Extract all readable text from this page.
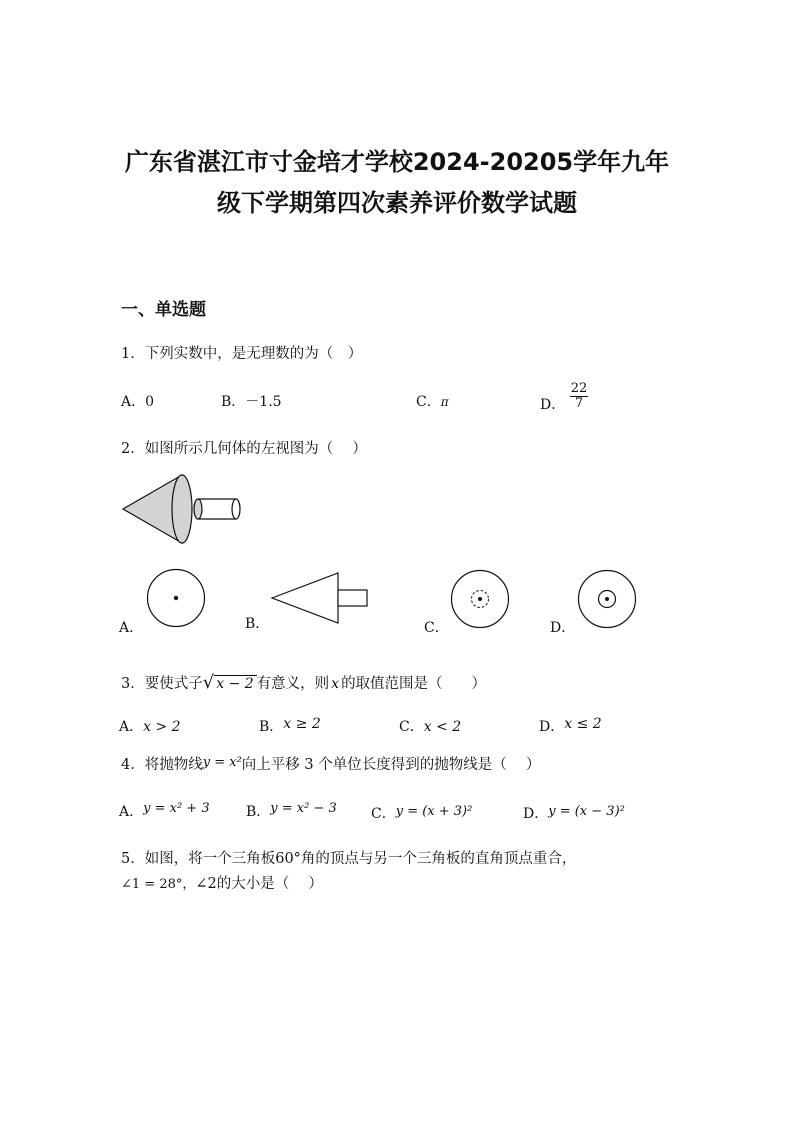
广东省湛江市寸金培才学校2024-20205学年九年
级下学期第四次素养评价数学试题
一、单选题
1．下列实数中，是无理数的为（　）
A．0	B．－1.5	C．π	D． $\frac{22}{7}$
2．如图所示几何体的左视图为（　 ）
A．	B．	C．	D．
3．要使式子√ x − 2 有意义，则 x 的取值范围是（　　）
A．x > 2	B．x ≥ 2	C．x < 2	D．x ≤ 2
4．将抛物线y = x²向上平移 3 个单位长度得到的抛物线是（　 ）
A．y = x² + 3	B．y = x² − 3 C．y = (x + 3)²	D．y = (x − 3)²
5．如图，将一个三角板60°角的顶点与另一个三角板的直角顶点重合，
∠1 = 28°，∠2的大小是（　 ）
